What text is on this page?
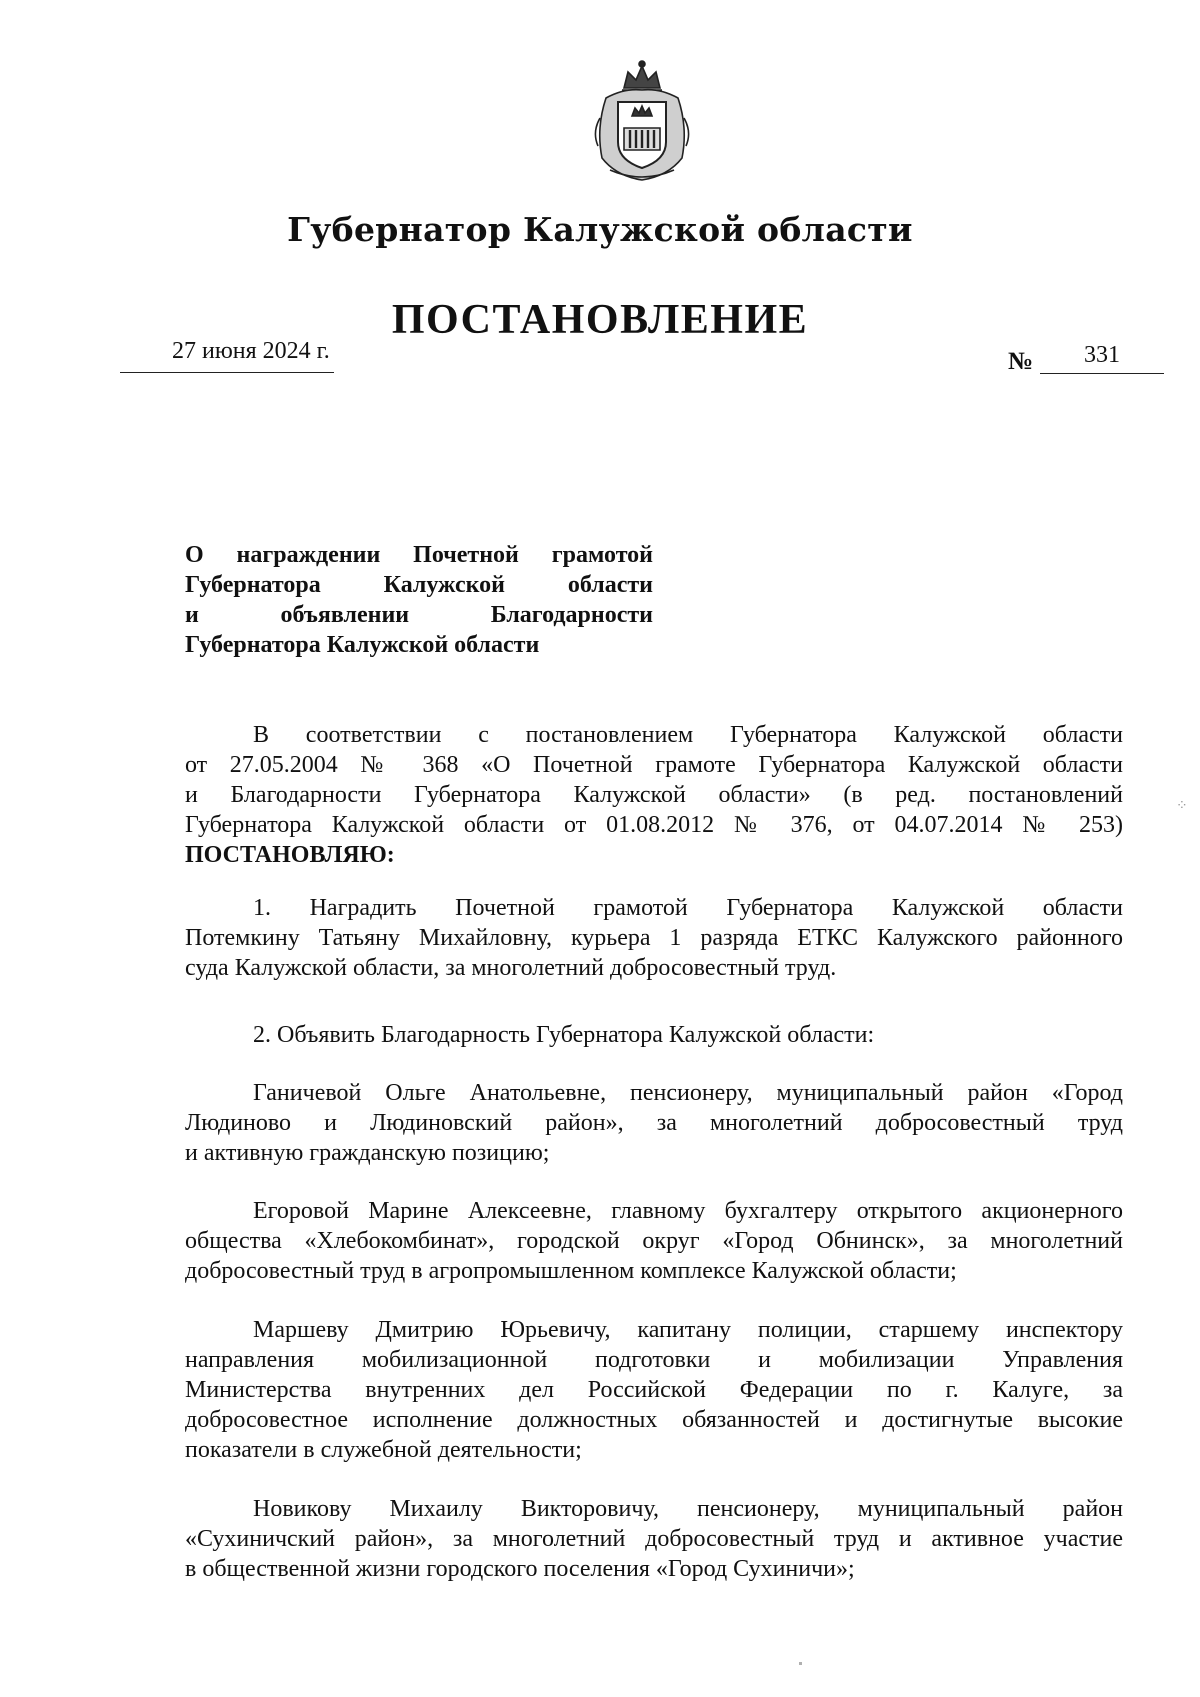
Губернатор Калужской области
ПОСТАНОВЛЕНИЕ
27 июня 2024 г.	№ 331
О награждении Почетной грамотой
Губернатора Калужской области
и объявлении Благодарности
Губернатора Калужской области
В соответствии с постановлением Губернатора Калужской области
от 27.05.2004 № 368 «О Почетной грамоте Губернатора Калужской области
и Благодарности Губернатора Калужской области» (в ред. постановлений
Губернатора Калужской области от 01.08.2012 № 376, от 04.07.2014 № 253)
ПОСТАНОВЛЯЮ:
1. Наградить Почетной грамотой Губернатора Калужской области
Потемкину Татьяну Михайловну, курьера 1 разряда ЕТКС Калужского районного
суда Калужской области, за многолетний добросовестный труд.
2. Объявить Благодарность Губернатора Калужской области:
Ганичевой Ольге Анатольевне, пенсионеру, муниципальный район «Город
Людиново и Людиновский район», за многолетний добросовестный труд
и активную гражданскую позицию;
Егоровой Марине Алексеевне, главному бухгалтеру открытого акционерного
общества «Хлебокомбинат», городской округ «Город Обнинск», за многолетний
добросовестный труд в агропромышленном комплексе Калужской области;
Маршеву Дмитрию Юрьевичу, капитану полиции, старшему инспектору
направления мобилизационной подготовки и мобилизации Управления
Министерства внутренних дел Российской Федерации по г. Калуге, за
добросовестное исполнение должностных обязанностей и достигнутые высокие
показатели в служебной деятельности;
Новикову Михаилу Викторовичу, пенсионеру, муниципальный район
«Сухиничский район», за многолетний добросовестный труд и активное участие
в общественной жизни городского поселения «Город Сухиничи»;
⁘
